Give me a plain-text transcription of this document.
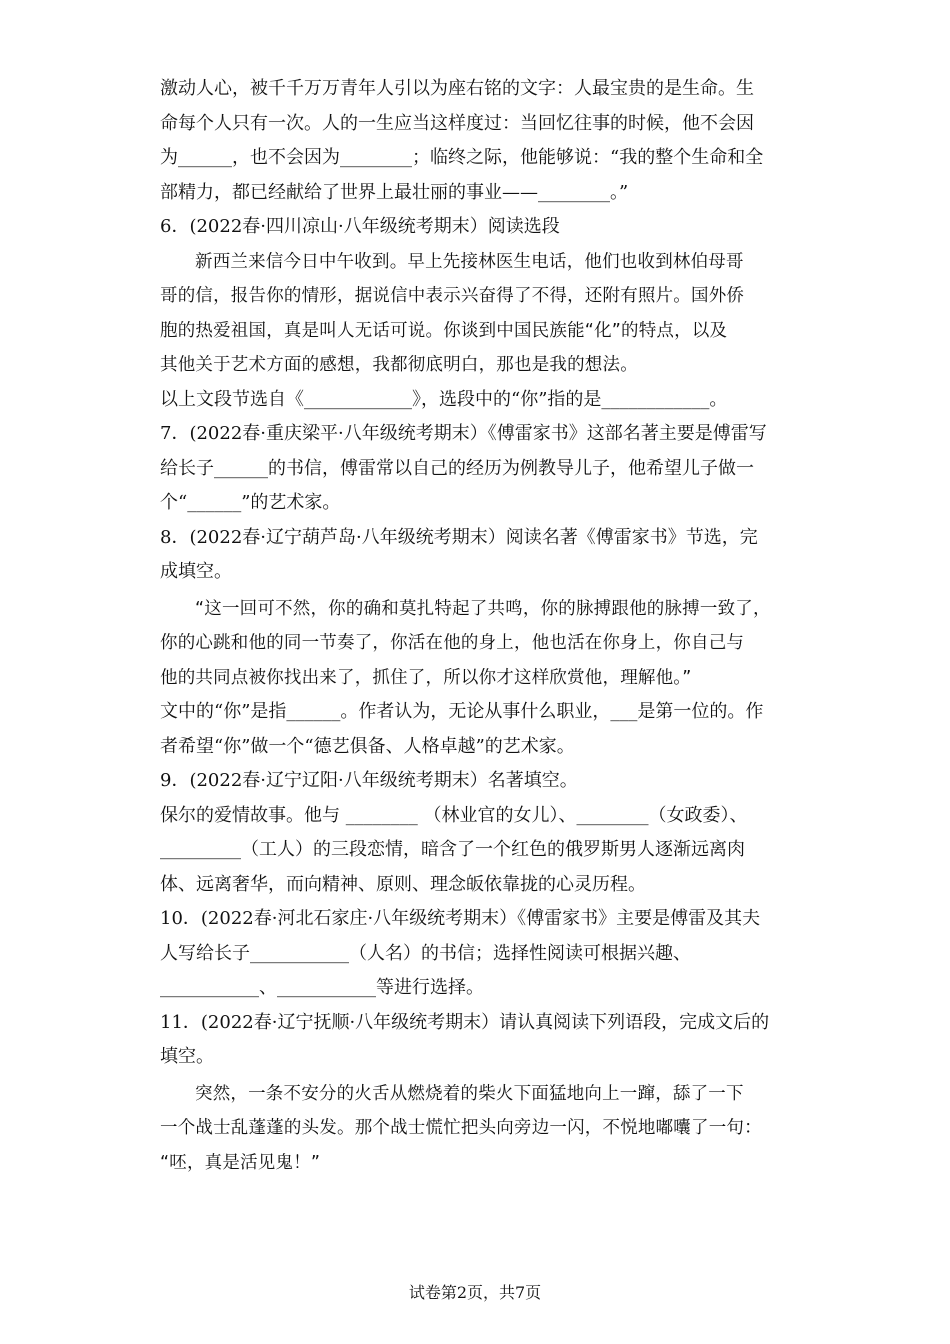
激动人心，被千千万万青年人引以为座右铭的文字：人最宝贵的是生命。生

命每个人只有一次。人的一生应当这样度过：当回忆往事的时候，他不会因

为______，也不会因为________；临终之际，他能够说：“我的整个生命和全

部精力，都已经献给了世界上最壮丽的事业——________。”

6．(2022春·四川凉山·八年级统考期末）阅读选段

新西兰来信今日中午收到。早上先接林医生电话，他们也收到林伯母哥

哥的信，报告你的情形，据说信中表示兴奋得了不得，还附有照片。国外侨

胞的热爱祖国，真是叫人无话可说。你谈到中国民族能“化”的特点，以及

其他关于艺术方面的感想，我都彻底明白，那也是我的想法。

以上文段节选自《____________》，选段中的“你”指的是____________。

7．(2022春·重庆梁平·八年级统考期末）《傅雷家书》这部名著主要是傅雷写

给长子______的书信，傅雷常以自己的经历为例教导儿子，他希望儿子做一

个“______”的艺术家。

8．(2022春·辽宁葫芦岛·八年级统考期末）阅读名著《傅雷家书》节选，完

成填空。

“这一回可不然，你的确和莫扎特起了共鸣，你的脉搏跟他的脉搏一致了，

你的心跳和他的同一节奏了，你活在他的身上，他也活在你身上，你自己与

他的共同点被你找出来了，抓住了，所以你才这样欣赏他，理解他。”

文中的“你”是指______。作者认为，无论从事什么职业，___是第一位的。作

者希望“你”做一个“德艺俱备、人格卓越”的艺术家。

9．(2022春·辽宁辽阳·八年级统考期末）名著填空。

保尔的爱情故事。他与 ________ （林业官的女儿）、________（女政委）、

_________（工人）的三段恋情，暗含了一个红色的俄罗斯男人逐渐远离肉

体、远离奢华，而向精神、原则、理念皈依靠拢的心灵历程。

10．(2022春·河北石家庄·八年级统考期末）《傅雷家书》主要是傅雷及其夫

人写给长子___________（人名）的书信；选择性阅读可根据兴趣、

___________、___________等进行选择。

11．(2022春·辽宁抚顺·八年级统考期末）请认真阅读下列语段，完成文后的

填空。

突然，一条不安分的火舌从燃烧着的柴火下面猛地向上一蹿，舔了一下

一个战士乱蓬蓬的头发。那个战士慌忙把头向旁边一闪，不悦地嘟囔了一句：

“呸，真是活见鬼！”

试卷第2页，共7页
